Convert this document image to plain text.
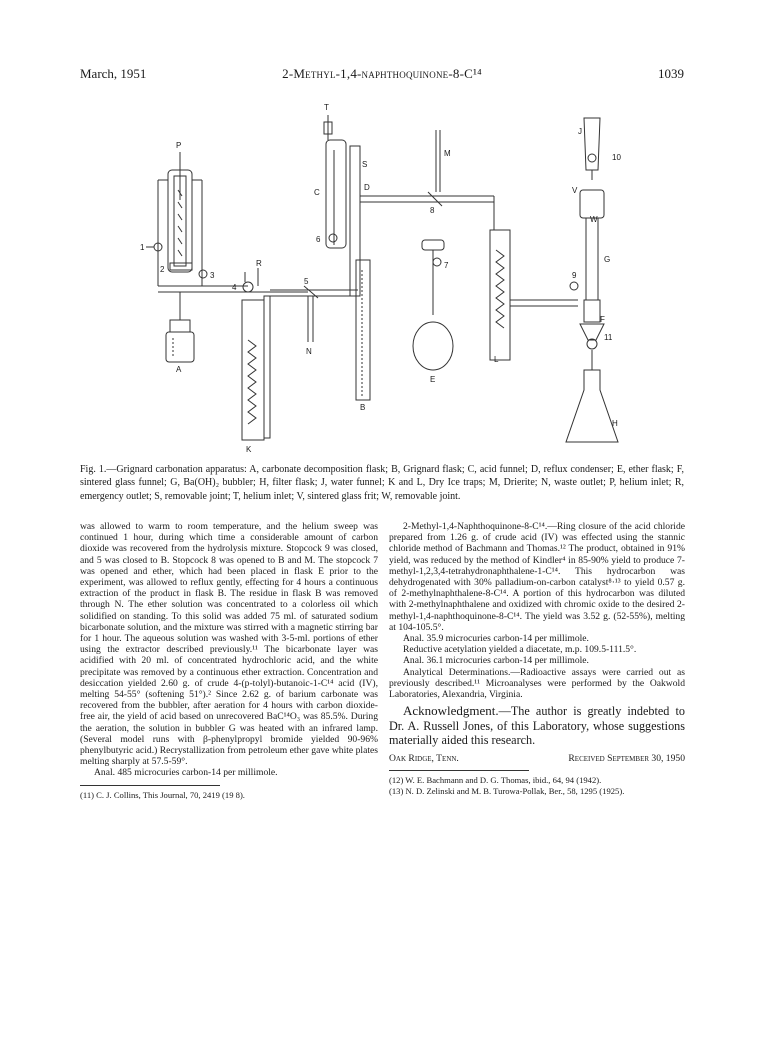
March, 1951	2-Methyl-1,4-naphthoquinone-8-C¹⁴	1039
T
P
M
J
S
C
D
10
V
8
W
1
6
G
2
3
R
4
5
7
9
F
11
N
L
A
E
B
H
K
Fig. 1.—Grignard carbonation apparatus: A, carbonate decomposition flask; B, Grignard flask; C, acid funnel; D, reflux condenser; E, ether flask; F, sintered glass funnel; G, Ba(OH)₂ bubbler; H, filter flask; J, water funnel; K and L, Dry Ice traps; M, Drierite; N, waste outlet; P, helium inlet; R, emergency outlet; S, removable joint; T, helium inlet; V, sintered glass frit; W, removable joint.

was allowed to warm to room temperature, and the helium sweep was continued 1 hour, during which time a considerable amount of carbon dioxide was recovered from the hydrolysis mixture. Stopcock 9 was closed, and 5 was closed to B. Stopcock 8 was opened to B and M. The stopcock 7 was opened and ether, which had been placed in flask E prior to the experiment, was allowed to reflux gently, effecting for 4 hours a continuous extraction of the product in flask B. The residue in flask B was removed through N. The ether solution was concentrated to a colorless oil which solidified on standing. To this solid was added 75 ml. of saturated sodium bicarbonate solution, and the mixture was stirred with a magnetic stirring bar for 1 hour. The aqueous solution was washed with 3-5-ml. portions of ether using the extractor described previously.¹¹ The bicarbonate layer was acidified with 20 ml. of concentrated hydrochloric acid, and the white precipitate was removed by a continuous ether extraction. Concentration and desiccation yielded 2.60 g. of crude 4-(p-tolyl)-butanoic-1-C¹⁴ acid (IV), melting 54-55° (softening 51°).² Since 2.62 g. of barium carbonate was recovered from the bubbler, after aeration for 4 hours with carbon dioxide-free air, the yield of acid based on unrecovered BaC¹⁴O₃ was 85.5%. During the aeration, the solution in bubbler G was heated with an infrared lamp. (Several model runs with β-phenylpropyl bromide yielded 90-96% phenylbutyric acid.) Recrystallization from petroleum ether gave white plates melting sharply at 57.5-59°.

Anal. 485 microcuries carbon-14 per millimole.

(11) C. J. Collins, This Journal, 70, 2419 (19 8).

2-Methyl-1,4-Naphthoquinone-8-C¹⁴.—Ring closure of the acid chloride prepared from 1.26 g. of crude acid (IV) was effected using the stannic chloride method of Bachmann and Thomas.¹² The product, obtained in 91% yield, was reduced by the method of Kindler⁴ in 85-90% yield to produce 7-methyl-1,2,3,4-tetrahydronaphthalene-1-C¹⁴. This hydrocarbon was dehydrogenated with 30% palladium-on-carbon catalyst⁸·¹³ to yield 0.57 g. of 2-methylnaphthalene-8-C¹⁴. A portion of this hydrocarbon was diluted with 2-methylnaphthalene and oxidized with chromic oxide to the desired 2-methyl-1,4-naphthoquinone-8-C¹⁴. The yield was 3.52 g. (52-55%), melting at 104-105.5°.

Anal. 35.9 microcuries carbon-14 per millimole.

Reductive acetylation yielded a diacetate, m.p. 109.5-111.5°.

Anal. 36.1 microcuries carbon-14 per millimole.

Analytical Determinations.—Radioactive assays were carried out as previously described.¹¹ Microanalyses were performed by the Oakwold Laboratories, Alexandria, Virginia.

Acknowledgment.—The author is greatly indebted to Dr. A. Russell Jones, of this Laboratory, whose suggestions materially aided this research.

Oak Ridge, Tenn.	Received September 30, 1950

(12) W. E. Bachmann and D. G. Thomas, ibid., 64, 94 (1942).

(13) N. D. Zelinski and M. B. Turowa-Pollak, Ber., 58, 1295 (1925).
